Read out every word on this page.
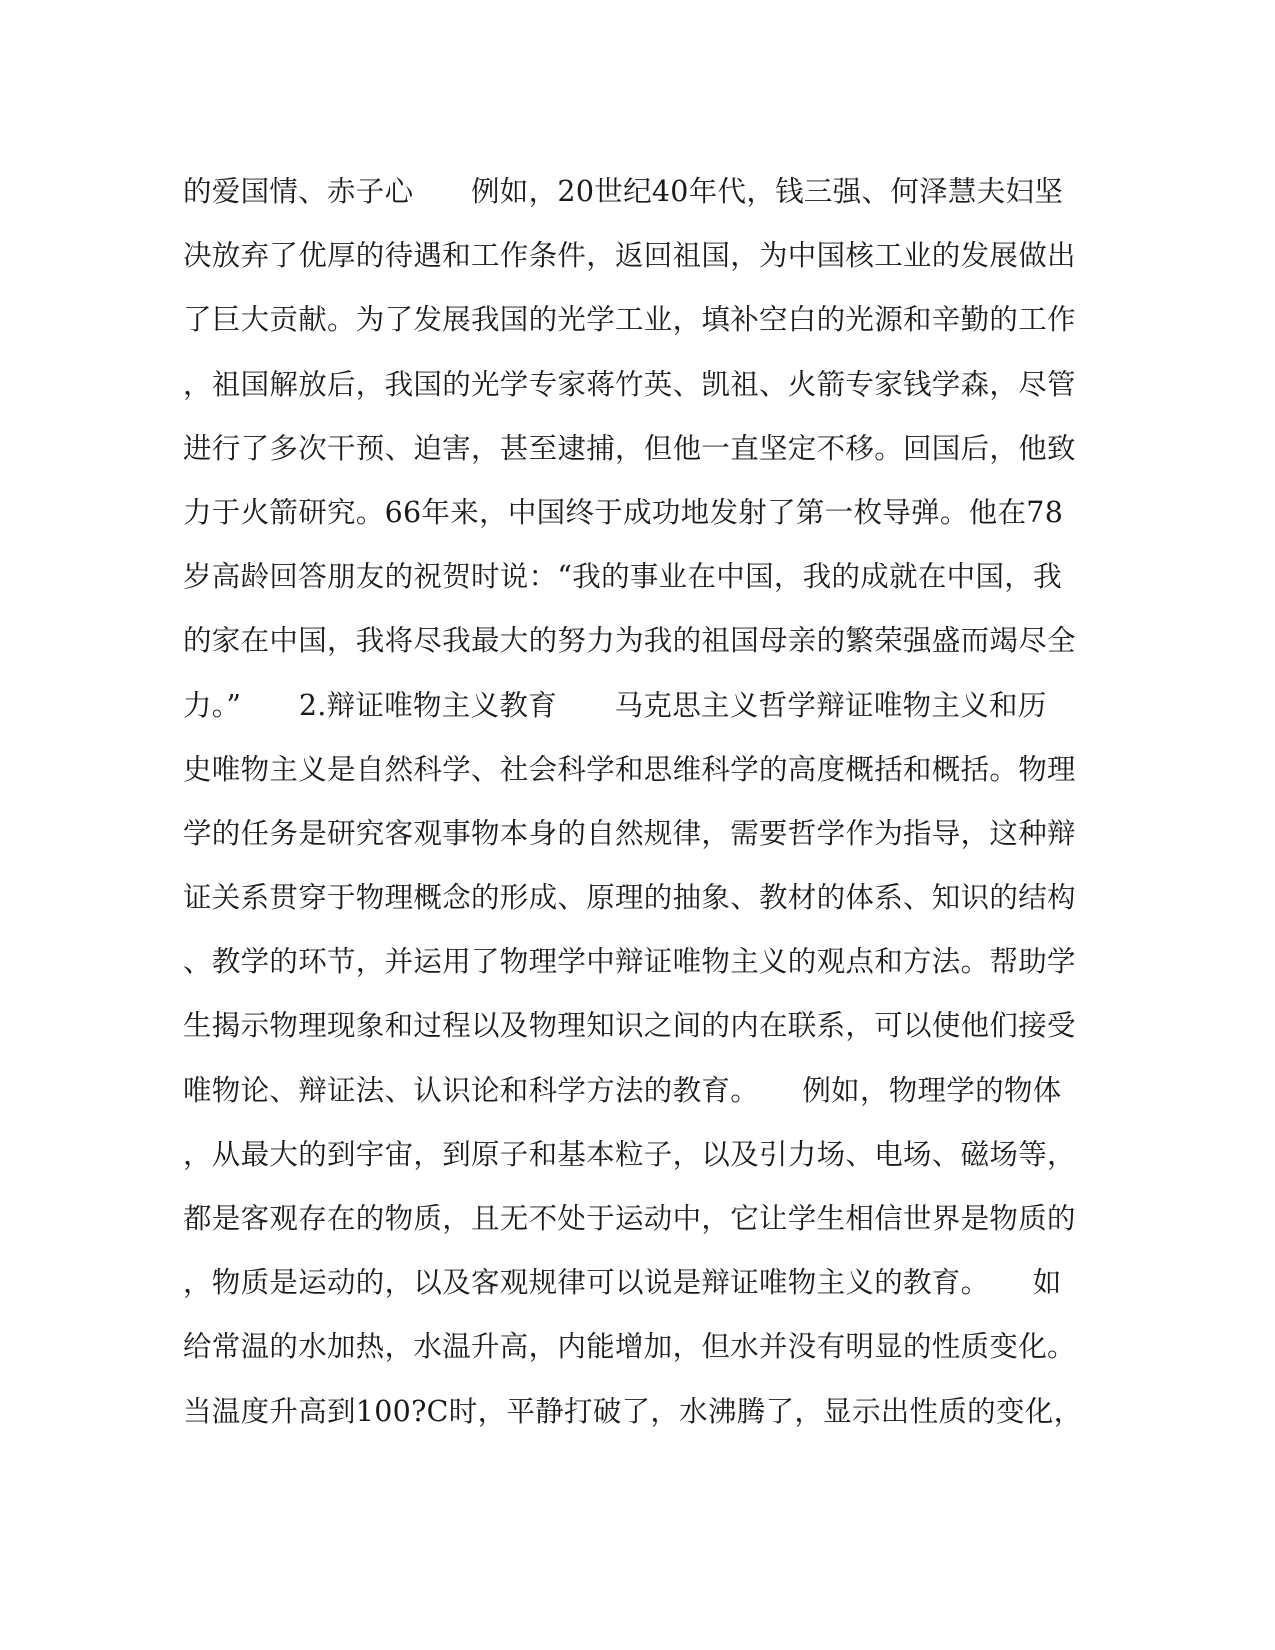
的爱国情、赤子心　　例如，20世纪40年代，钱三强、何泽慧夫妇坚
决放弃了优厚的待遇和工作条件，返回祖国，为中国核工业的发展做出
了巨大贡献。为了发展我国的光学工业，填补空白的光源和辛勤的工作
，祖国解放后，我国的光学专家蒋竹英、凯祖、火箭专家钱学森，尽管
进行了多次干预、迫害，甚至逮捕，但他一直坚定不移。回国后，他致
力于火箭研究。66年来，中国终于成功地发射了第一枚导弹。他在78
岁高龄回答朋友的祝贺时说：“我的事业在中国，我的成就在中国，我
的家在中国，我将尽我最大的努力为我的祖国母亲的繁荣强盛而竭尽全
力。”　　2.辩证唯物主义教育　　马克思主义哲学辩证唯物主义和历
史唯物主义是自然科学、社会科学和思维科学的高度概括和概括。物理
学的任务是研究客观事物本身的自然规律，需要哲学作为指导，这种辩
证关系贯穿于物理概念的形成、原理的抽象、教材的体系、知识的结构
、教学的环节，并运用了物理学中辩证唯物主义的观点和方法。帮助学
生揭示物理现象和过程以及物理知识之间的内在联系，可以使他们接受
唯物论、辩证法、认识论和科学方法的教育。　　例如，物理学的物体
，从最大的到宇宙，到原子和基本粒子，以及引力场、电场、磁场等，
都是客观存在的物质，且无不处于运动中，它让学生相信世界是物质的
，物质是运动的，以及客观规律可以说是辩证唯物主义的教育。　　如
给常温的水加热，水温升高，内能增加，但水并没有明显的性质变化。
当温度升高到100?C时，平静打破了，水沸腾了，显示出性质的变化，
